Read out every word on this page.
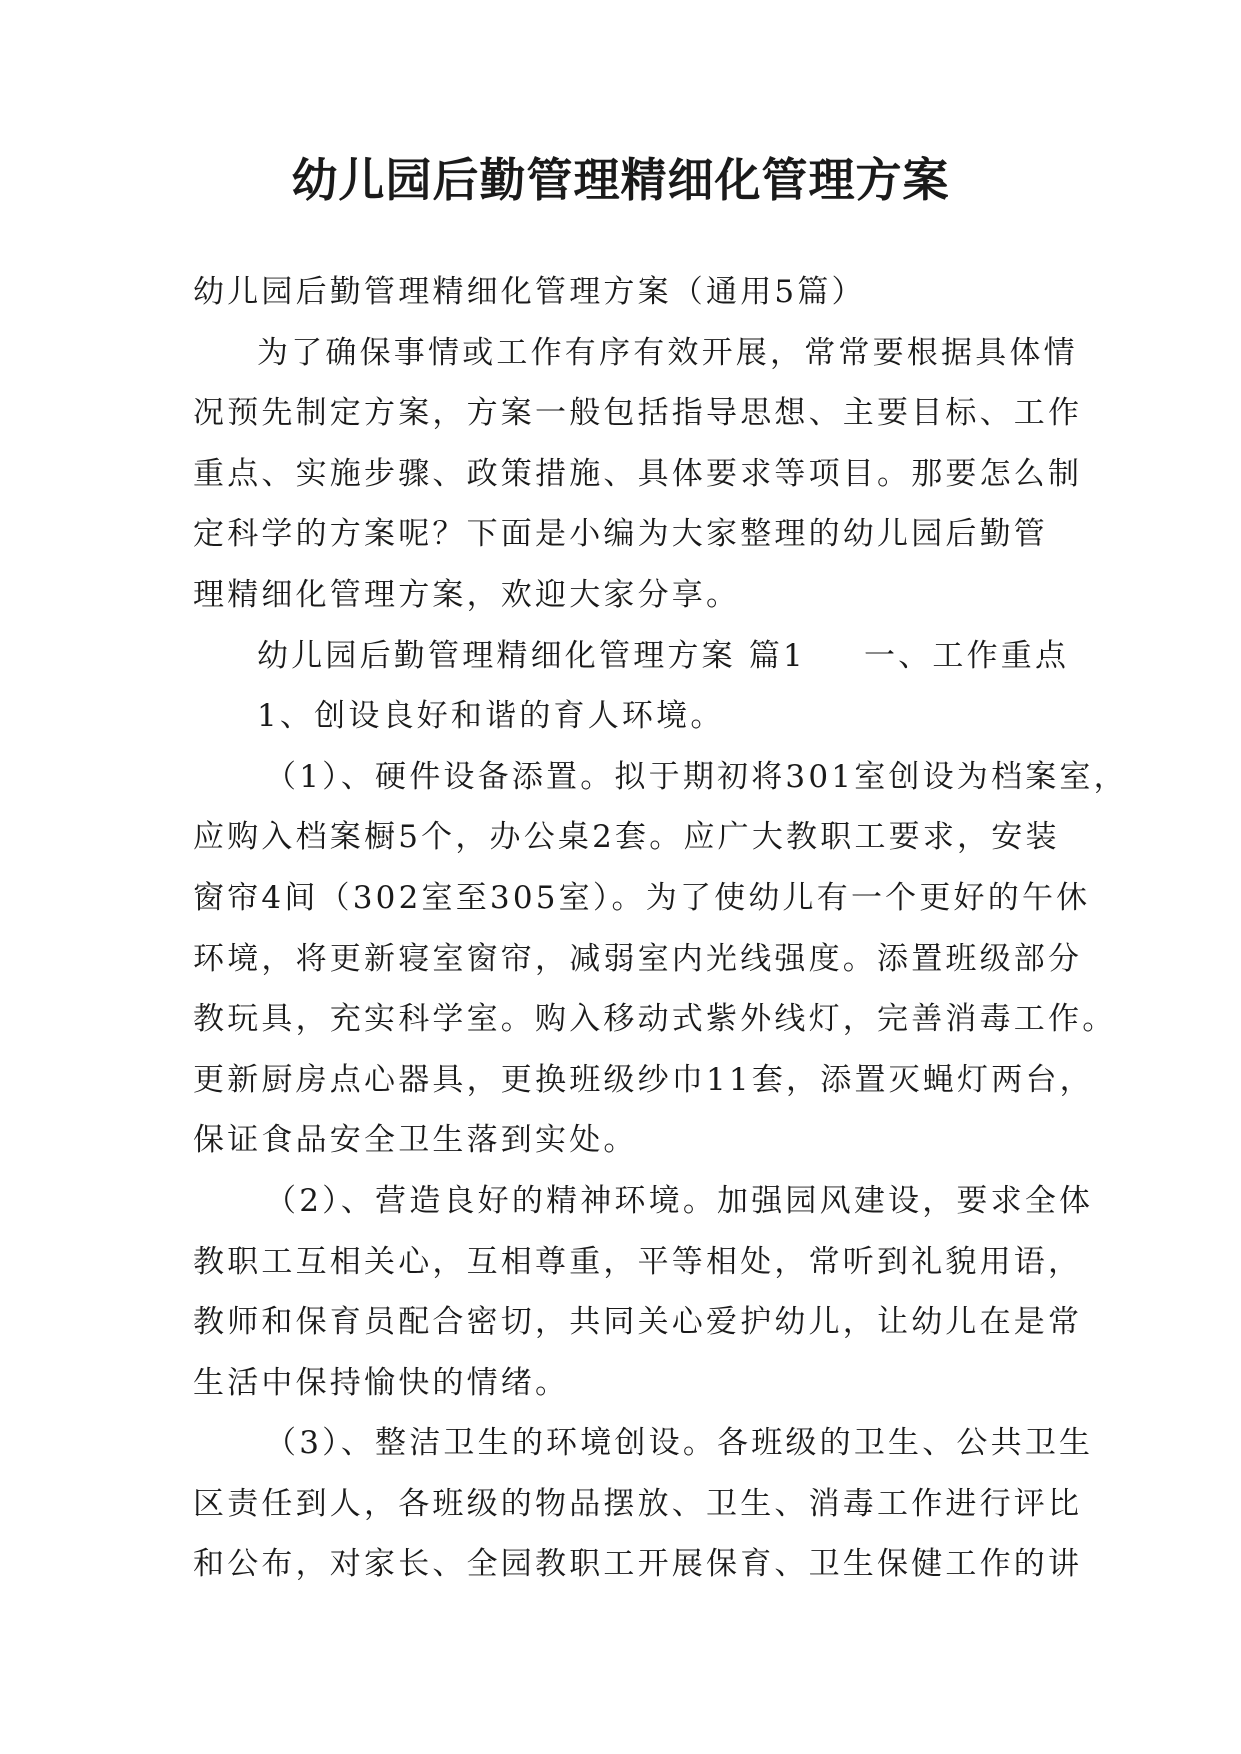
幼儿园后勤管理精细化管理方案

幼儿园后勤管理精细化管理方案（通用5篇）

为了确保事情或工作有序有效开展，常常要根据具体情

况预先制定方案，方案一般包括指导思想、主要目标、工作

重点、实施步骤、政策措施、具体要求等项目。那要怎么制

定科学的方案呢？下面是小编为大家整理的幼儿园后勤管

理精细化管理方案，欢迎大家分享。

幼儿园后勤管理精细化管理方案 篇1 一、工作重点

1、创设良好和谐的育人环境。

（1）、硬件设备添置。拟于期初将301室创设为档案室，

应购入档案橱5个，办公桌2套。应广大教职工要求，安装

窗帘4间（302室至305室）。为了使幼儿有一个更好的午休

环境，将更新寝室窗帘，减弱室内光线强度。添置班级部分

教玩具，充实科学室。购入移动式紫外线灯，完善消毒工作。

更新厨房点心器具，更换班级纱巾11套，添置灭蝇灯两台，

保证食品安全卫生落到实处。

（2）、营造良好的精神环境。加强园风建设，要求全体

教职工互相关心，互相尊重，平等相处，常听到礼貌用语，

教师和保育员配合密切，共同关心爱护幼儿，让幼儿在是常

生活中保持愉快的情绪。

（3）、整洁卫生的环境创设。各班级的卫生、公共卫生

区责任到人，各班级的物品摆放、卫生、消毒工作进行评比

和公布，对家长、全园教职工开展保育、卫生保健工作的讲
